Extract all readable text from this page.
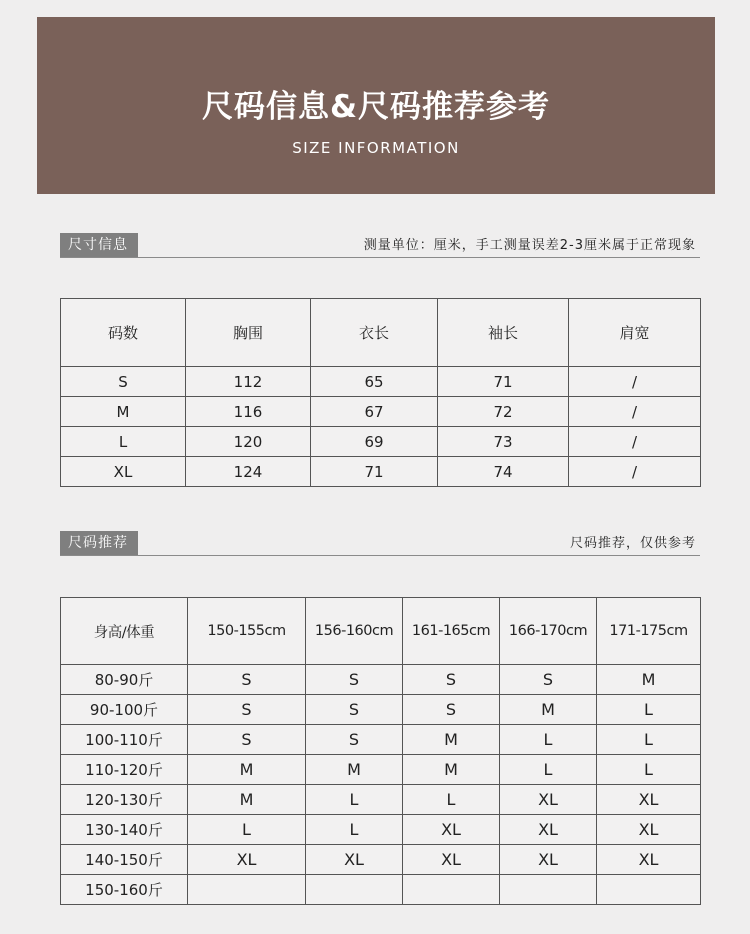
尺码信息&尺码推荐参考
SIZE INFORMATION
尺寸信息	测量单位：厘米，手工测量误差2-3厘米属于正常现象
码数	胸围	衣长	袖长	肩宽
S	112	65	71	/
M	116	67	72	/
L	120	69	73	/
XL	124	71	74	/
尺码推荐	尺码推荐，仅供参考
身高/体重	150-155cm	156-160cm	161-165cm	166-170cm	171-175cm
80-90斤	S	S	S	S	M
90-100斤	S	S	S	M	L
100-110斤	S	S	M	L	L
110-120斤	M	M	M	L	L
120-130斤	M	L	L	XL	XL
130-140斤	L	L	XL	XL	XL
140-150斤	XL	XL	XL	XL	XL
150-160斤					
